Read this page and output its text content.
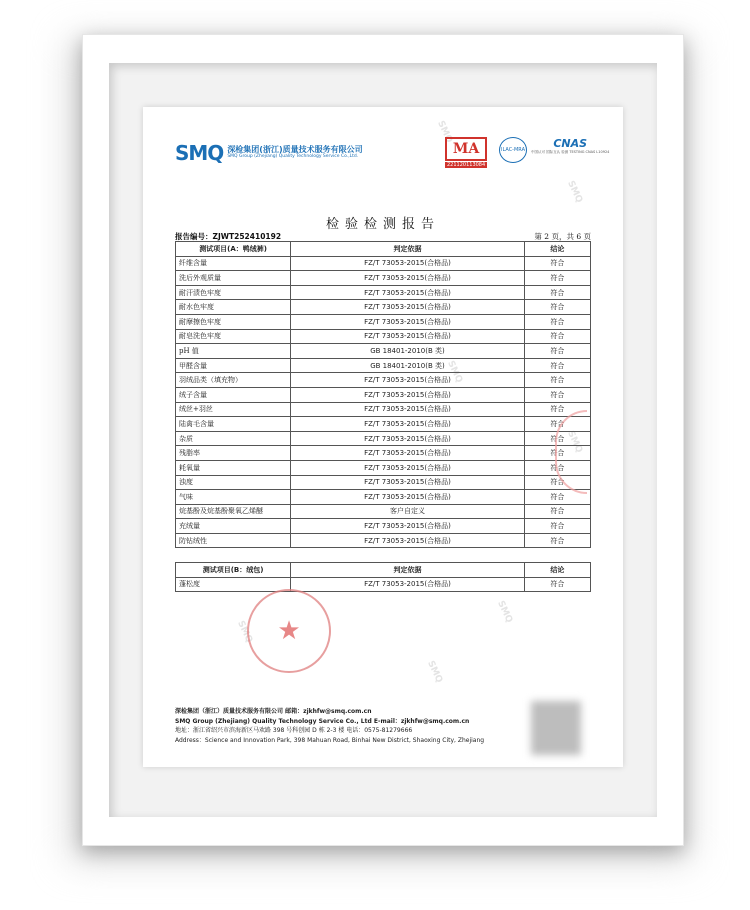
SMQ
SMQ
SMQ
SMQ
SMQ
SMQ
SMQ
SMQ 深检集团(浙江)质量技术服务有限公司
SMQ Group (Zhejiang) Quality Technology Service Co.,Ltd.	MA
221120113084
ILAC-MRA	CNAS
中国认可 国际互认 检测 TESTING CNAS L10924
检验检测报告
报告编号：ZJWT252410192	第 2 页，共 6 页
测试项目(A：鸭绒裤)	判定依据	结论
纤维含量	FZ/T 73053-2015(合格品)	符合
洗后外观质量	FZ/T 73053-2015(合格品)	符合
耐汗渍色牢度	FZ/T 73053-2015(合格品)	符合
耐水色牢度	FZ/T 73053-2015(合格品)	符合
耐摩擦色牢度	FZ/T 73053-2015(合格品)	符合
耐皂洗色牢度	FZ/T 73053-2015(合格品)	符合
pH 值	GB 18401-2010(B 类)	符合
甲醛含量	GB 18401-2010(B 类)	符合
羽绒品类（填充物）	FZ/T 73053-2015(合格品)	符合
绒子含量	FZ/T 73053-2015(合格品)	符合
绒丝+羽丝	FZ/T 73053-2015(合格品)	符合
陆禽毛含量	FZ/T 73053-2015(合格品)	符合
杂质	FZ/T 73053-2015(合格品)	符合
残脂率	FZ/T 73053-2015(合格品)	符合
耗氧量	FZ/T 73053-2015(合格品)	符合
浊度	FZ/T 73053-2015(合格品)	符合
气味	FZ/T 73053-2015(合格品)	符合
烷基酚及烷基酚聚氧乙烯醚	客户自定义	符合
充绒量	FZ/T 73053-2015(合格品)	符合
防钻绒性	FZ/T 73053-2015(合格品)	符合
测试项目(B：绒包)	判定依据	结论
蓬松度	FZ/T 73053-2015(合格品)	符合
★
深检集团（浙江）质量技术服务有限公司 邮箱：zjkhfw@smq.com.cn
SMQ Group (Zhejiang) Quality Technology Service Co., Ltd E-mail：zjkhfw@smq.com.cn
地址：浙江省绍兴市滨海新区马欢路 398 号科创园 D 栋 2-3 楼 电话：0575-81279666
Address：Science and Innovation Park, 398 Mahuan Road, Binhai New District, Shaoxing City, Zhejiang
